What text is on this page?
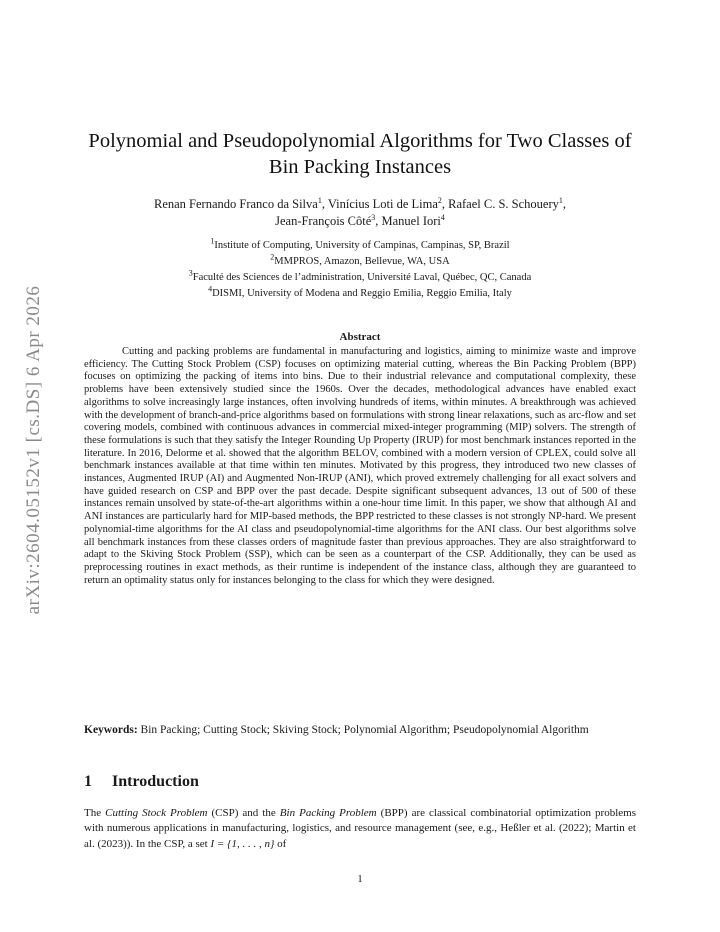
arXiv:2604.05152v1 [cs.DS] 6 Apr 2026
Polynomial and Pseudopolynomial Algorithms for Two Classes of
Bin Packing Instances
Renan Fernando Franco da Silva$^1$, Vinícius Loti de Lima$^2$, Rafael C. S. Schouery$^1$,
Jean-François Côté$^3$, Manuel Iori$^4$
$^1$Institute of Computing, University of Campinas, Campinas, SP, Brazil
$^2$MMPROS, Amazon, Bellevue, WA, USA
$^3$Faculté des Sciences de l’administration, Université Laval, Québec, QC, Canada
$^4$DISMI, University of Modena and Reggio Emilia, Reggio Emilia, Italy
Abstract

Cutting and packing problems are fundamental in manufacturing and logistics, aiming to minimize waste and improve efficiency. The Cutting Stock Problem (CSP) focuses on optimizing material cutting, whereas the Bin Packing Problem (BPP) focuses on optimizing the packing of items into bins. Due to their industrial relevance and computational complexity, these problems have been extensively studied since the 1960s. Over the decades, methodological advances have enabled exact algorithms to solve increasingly large instances, often involving hundreds of items, within minutes. A breakthrough was achieved with the development of branch-and-price algorithms based on formulations with strong linear relaxations, such as arc-flow and set covering models, combined with continuous advances in commercial mixed-integer programming (MIP) solvers. The strength of these formulations is such that they satisfy the Integer Rounding Up Property (IRUP) for most benchmark instances reported in the literature. In 2016, Delorme et al. showed that the algorithm BELOV, combined with a modern version of CPLEX, could solve all benchmark instances available at that time within ten minutes. Motivated by this progress, they introduced two new classes of instances, Augmented IRUP (AI) and Augmented Non-IRUP (ANI), which proved extremely challenging for all exact solvers and have guided research on CSP and BPP over the past decade. Despite significant subsequent advances, 13 out of 500 of these instances remain unsolved by state-of-the-art algorithms within a one-hour time limit. In this paper, we show that although AI and ANI instances are particularly hard for MIP-based methods, the BPP restricted to these classes is not strongly NP-hard. We present polynomial-time algorithms for the AI class and pseudopolynomial-time algorithms for the ANI class. Our best algorithms solve all benchmark instances from these classes orders of magnitude faster than previous approaches. They are also straightforward to adapt to the Skiving Stock Problem (SSP), which can be seen as a counterpart of the CSP. Additionally, they can be used as preprocessing routines in exact methods, as their runtime is independent of the instance class, although they are guaranteed to return an optimality status only for instances belonging to the class for which they were designed.

Keywords: Bin Packing; Cutting Stock; Skiving Stock; Polynomial Algorithm; Pseudopolynomial Algorithm
1 Introduction

The Cutting Stock Problem (CSP) and the Bin Packing Problem (BPP) are classical combinatorial optimization problems with numerous applications in manufacturing, logistics, and resource management (see, e.g., Heßler et al. (2022); Martin et al. (2023)). In the CSP, a set I = {1, . . . , n} of

1
